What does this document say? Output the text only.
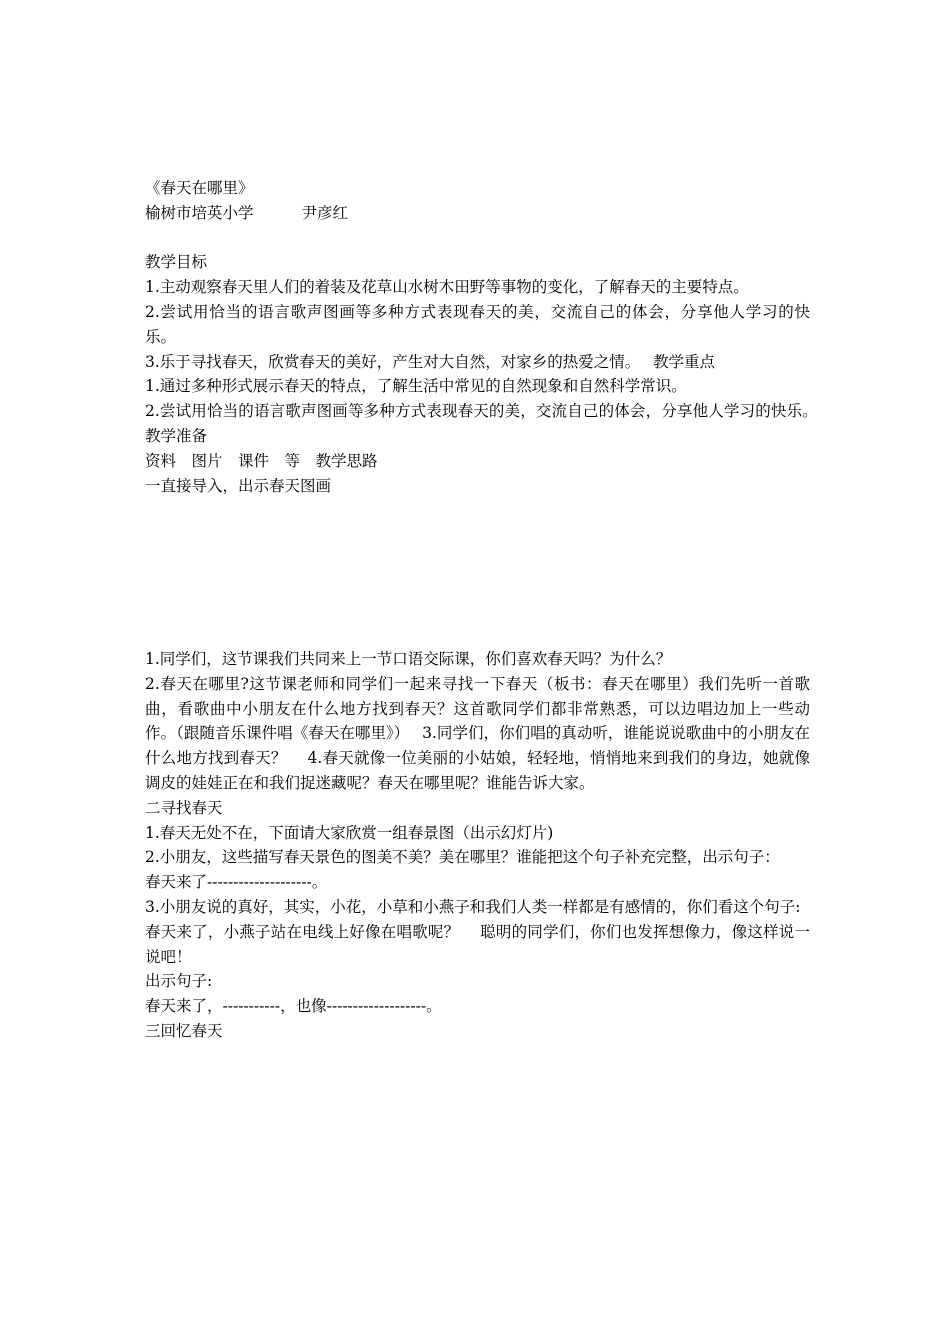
《春天在哪里》
榆树市培英小学	尹彦红
教学目标
1.主动观察春天里人们的着装及花草山水树木田野等事物的变化，了解春天的主要特点。
2.尝试用恰当的语言歌声图画等多种方式表现春天的美，交流自己的体会，分享他人学习的快乐。
3.乐于寻找春天，欣赏春天的美好，产生对大自然，对家乡的热爱之情。　 教学重点
1.通过多种形式展示春天的特点，了解生活中常见的自然现象和自然科学常识。
2.尝试用恰当的语言歌声图画等多种方式表现春天的美，交流自己的体会，分享他人学习的快乐。　 教学准备
资料　图片　课件　等　教学思路
一直接导入，出示春天图画
1.同学们，这节课我们共同来上一节口语交际课，你们喜欢春天吗？为什么？
2.春天在哪里?这节课老师和同学们一起来寻找一下春天（板书：春天在哪里）我们先听一首歌曲，看歌曲中小朋友在什么地方找到春天？这首歌同学们都非常熟悉，可以边唱边加上一些动作。（跟随音乐课件唱《春天在哪里》）　 3.同学们，你们唱的真动听，谁能说说歌曲中的小朋友在什么地方找到春天？　 4.春天就像一位美丽的小姑娘，轻轻地，悄悄地来到我们的身边，她就像调皮的娃娃正在和我们捉迷藏呢？春天在哪里呢？谁能告诉大家。
二寻找春天
1.春天无处不在，下面请大家欣赏一组春景图（出示幻灯片)
2.小朋友，这些描写春天景色的图美不美？美在哪里？谁能把这个句子补充完整，出示句子：
春天来了--------------------。
3.小朋友说的真好，其实，小花，小草和小燕子和我们人类一样都是有感情的，你们看这个句子:
春天来了，小燕子站在电线上好像在唱歌呢？　 聪明的同学们，你们也发挥想像力，像这样说一说吧！
出示句子:
春天来了，-----------，也像-------------------。
三回忆春天
